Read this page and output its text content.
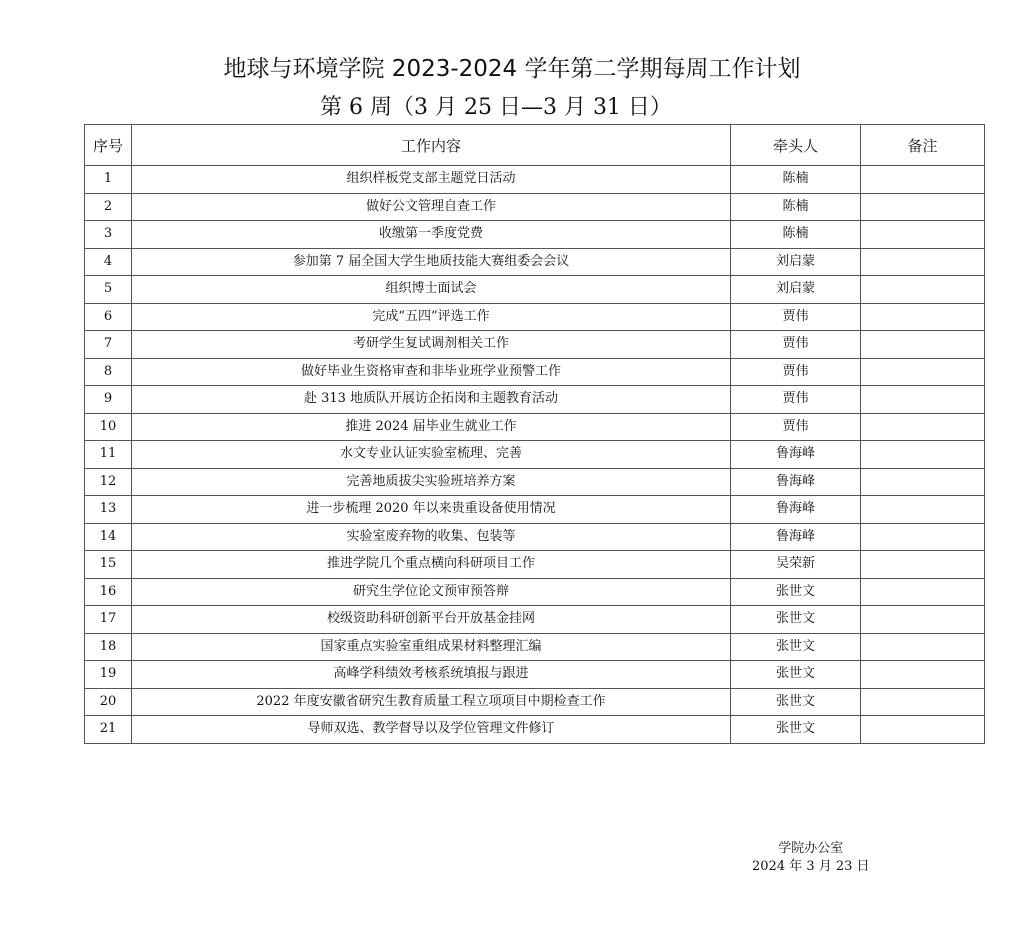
地球与环境学院 2023-2024 学年第二学期每周工作计划
第 6 周（3 月 25 日—3 月 31 日）
序号	工作内容	牵头人	备注
1	组织样板党支部主题党日活动	陈楠	
2	做好公文管理自查工作	陈楠	
3	收缴第一季度党费	陈楠	
4	参加第 7 届全国大学生地质技能大赛组委会会议	刘启蒙	
5	组织博士面试会	刘启蒙	
6	完成“五四”评选工作	贾伟	
7	考研学生复试调剂相关工作	贾伟	
8	做好毕业生资格审查和非毕业班学业预警工作	贾伟	
9	赴 313 地质队开展访企拓岗和主题教育活动	贾伟	
10	推进 2024 届毕业生就业工作	贾伟	
11	水文专业认证实验室梳理、完善	鲁海峰	
12	完善地质拔尖实验班培养方案	鲁海峰	
13	进一步梳理 2020 年以来贵重设备使用情况	鲁海峰	
14	实验室废弃物的收集、包装等	鲁海峰	
15	推进学院几个重点横向科研项目工作	吴荣新	
16	研究生学位论文预审预答辩	张世文	
17	校级资助科研创新平台开放基金挂网	张世文	
18	国家重点实验室重组成果材料整理汇编	张世文	
19	高峰学科绩效考核系统填报与跟进	张世文	
20	2022 年度安徽省研究生教育质量工程立项项目中期检查工作	张世文	
21	导师双选、教学督导以及学位管理文件修订	张世文	
学院办公室
2024 年 3 月 23 日
